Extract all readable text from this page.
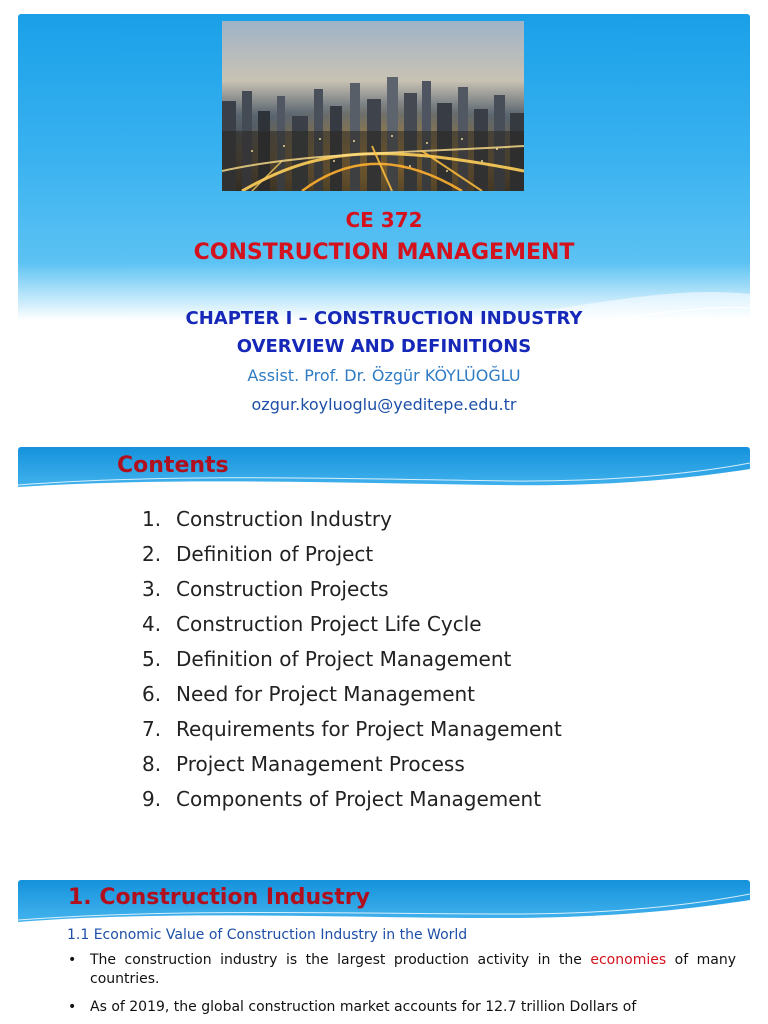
CE 372
CONSTRUCTION MANAGEMENT
CHAPTER I – CONSTRUCTION INDUSTRY
OVERVIEW AND DEFINITIONS
Assist. Prof. Dr. Özgür KÖYLÜOĞLU
ozgur.koyluoglu@yeditepe.edu.tr
Contents
1. Construction Industry
2. Definition of Project
3. Construction Projects
4. Construction Project Life Cycle
5. Definition of Project Management
6. Need for Project Management
7. Requirements for Project Management
8. Project Management Process
9. Components of Project Management
1. Construction Industry
1.1 Economic Value of Construction Industry in the World
• The construction industry is the largest production activity in the economies of many countries.
• As of 2019, the global construction market accounts for 12.7 trillion Dollars of
